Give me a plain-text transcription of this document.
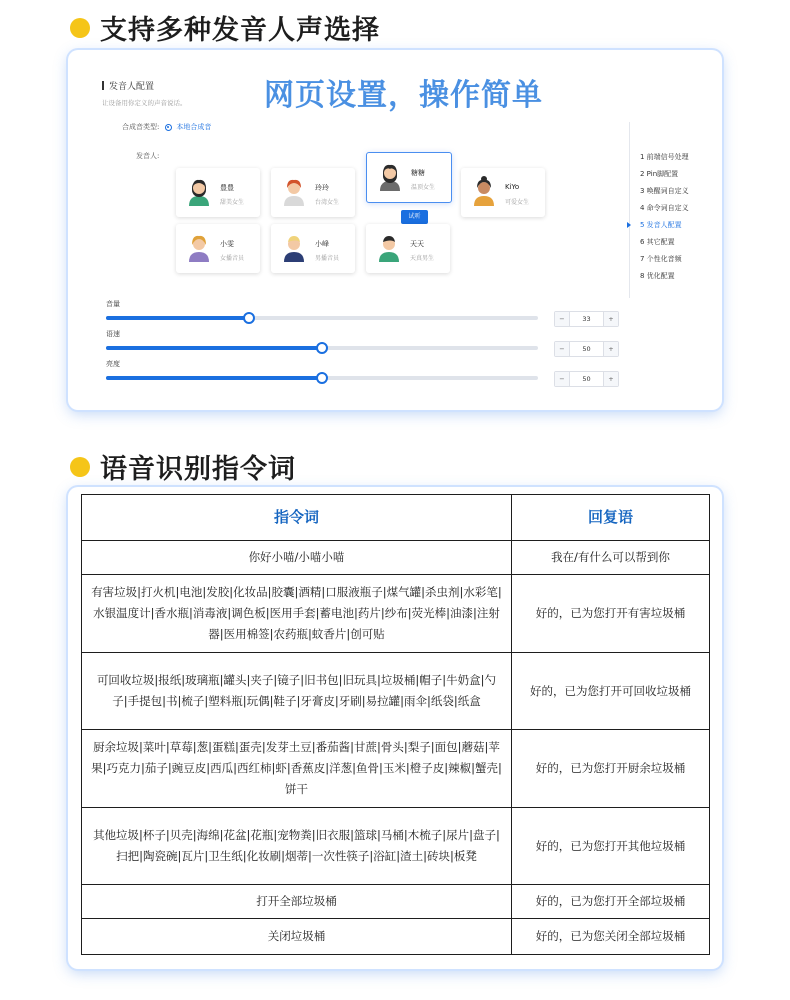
支持多种发音人声选择
发音人配置
让设备用你定义的声音说话。	网页设置，操作简单
合成音类型: 本地合成音
发音人:
豊豊
甜美女生
玲玲
台湾女生
糖糖
温顶女生
试听
KiYo
可爱女生
小雯
女播音员
小峰
男播音员
天天
天真男生
音量
−	33	+
语速
−	50	+
亮度
−	50	+
1 前端信号处理
2 Pin脚配置
3 唤醒词自定义
4 命令词自定义
5 发音人配置
6 其它配置
7 个性化音频
8 优化配置
语音识别指令词
指令词	回复语
你好小喵/小喵小喵	我在/有什么可以帮到你
有害垃圾|打火机|电池|发胶|化妆品|胶囊|酒精|口服液瓶子|煤气罐|杀虫剂|水彩笔|水银温度计|香水瓶|消毒液|调色板|医用手套|蓄电池|药片|纱布|荧光棒|油漆|注射器|医用棉签|农药瓶|蚊香片|创可贴	好的，已为您打开有害垃圾桶
可回收垃圾|报纸|玻璃瓶|罐头|夹子|镜子|旧书包|旧玩具|垃圾桶|帽子|牛奶盒|勺子|手提包|书|梳子|塑料瓶|玩偶|鞋子|牙膏皮|牙刷|易拉罐|雨伞|纸袋|纸盒	好的，已为您打开可回收垃圾桶
厨余垃圾|菜叶|草莓|葱|蛋糕|蛋壳|发芽土豆|番茄酱|甘蔗|骨头|梨子|面包|蘑菇|苹果|巧克力|茄子|豌豆皮|西瓜|西红柿|虾|香蕉皮|洋葱|鱼骨|玉米|橙子皮|辣椒|蟹壳|饼干	好的，已为您打开厨余垃圾桶
其他垃圾|杯子|贝壳|海绵|花盆|花瓶|宠物粪|旧衣服|篮球|马桶|木梳子|尿片|盘子|扫把|陶瓷碗|瓦片|卫生纸|化妆刷|烟蒂|一次性筷子|浴缸|渣土|砖块|板凳	好的，已为您打开其他垃圾桶
打开全部垃圾桶	好的，已为您打开全部垃圾桶
关闭垃圾桶	好的，已为您关闭全部垃圾桶
